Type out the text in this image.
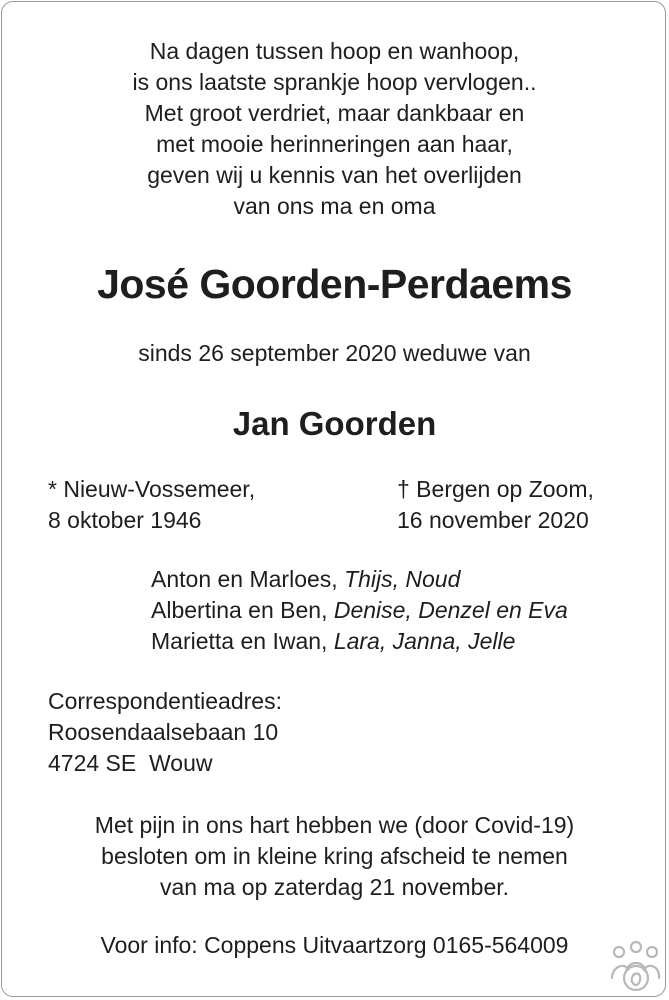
Na dagen tussen hoop en wanhoop,
is ons laatste sprankje hoop vervlogen..
Met groot verdriet, maar dankbaar en
met mooie herinneringen aan haar,
geven wij u kennis van het overlijden
van ons ma en oma
José Goorden-Perdaems
sinds 26 september 2020 weduwe van
Jan Goorden
* Nieuw-Vossemeer,
8 oktober 1946
† Bergen op Zoom,
16 november 2020
Anton en Marloes, Thijs, Noud
Albertina en Ben, Denise, Denzel en Eva
Marietta en Iwan, Lara, Janna, Jelle
Correspondentieadres:
Roosendaalsebaan 10
4724 SE  Wouw
Met pijn in ons hart hebben we (door Covid-19)
besloten om in kleine kring afscheid te nemen
van ma op zaterdag 21 november.
Voor info: Coppens Uitvaartzorg 0165-564009
